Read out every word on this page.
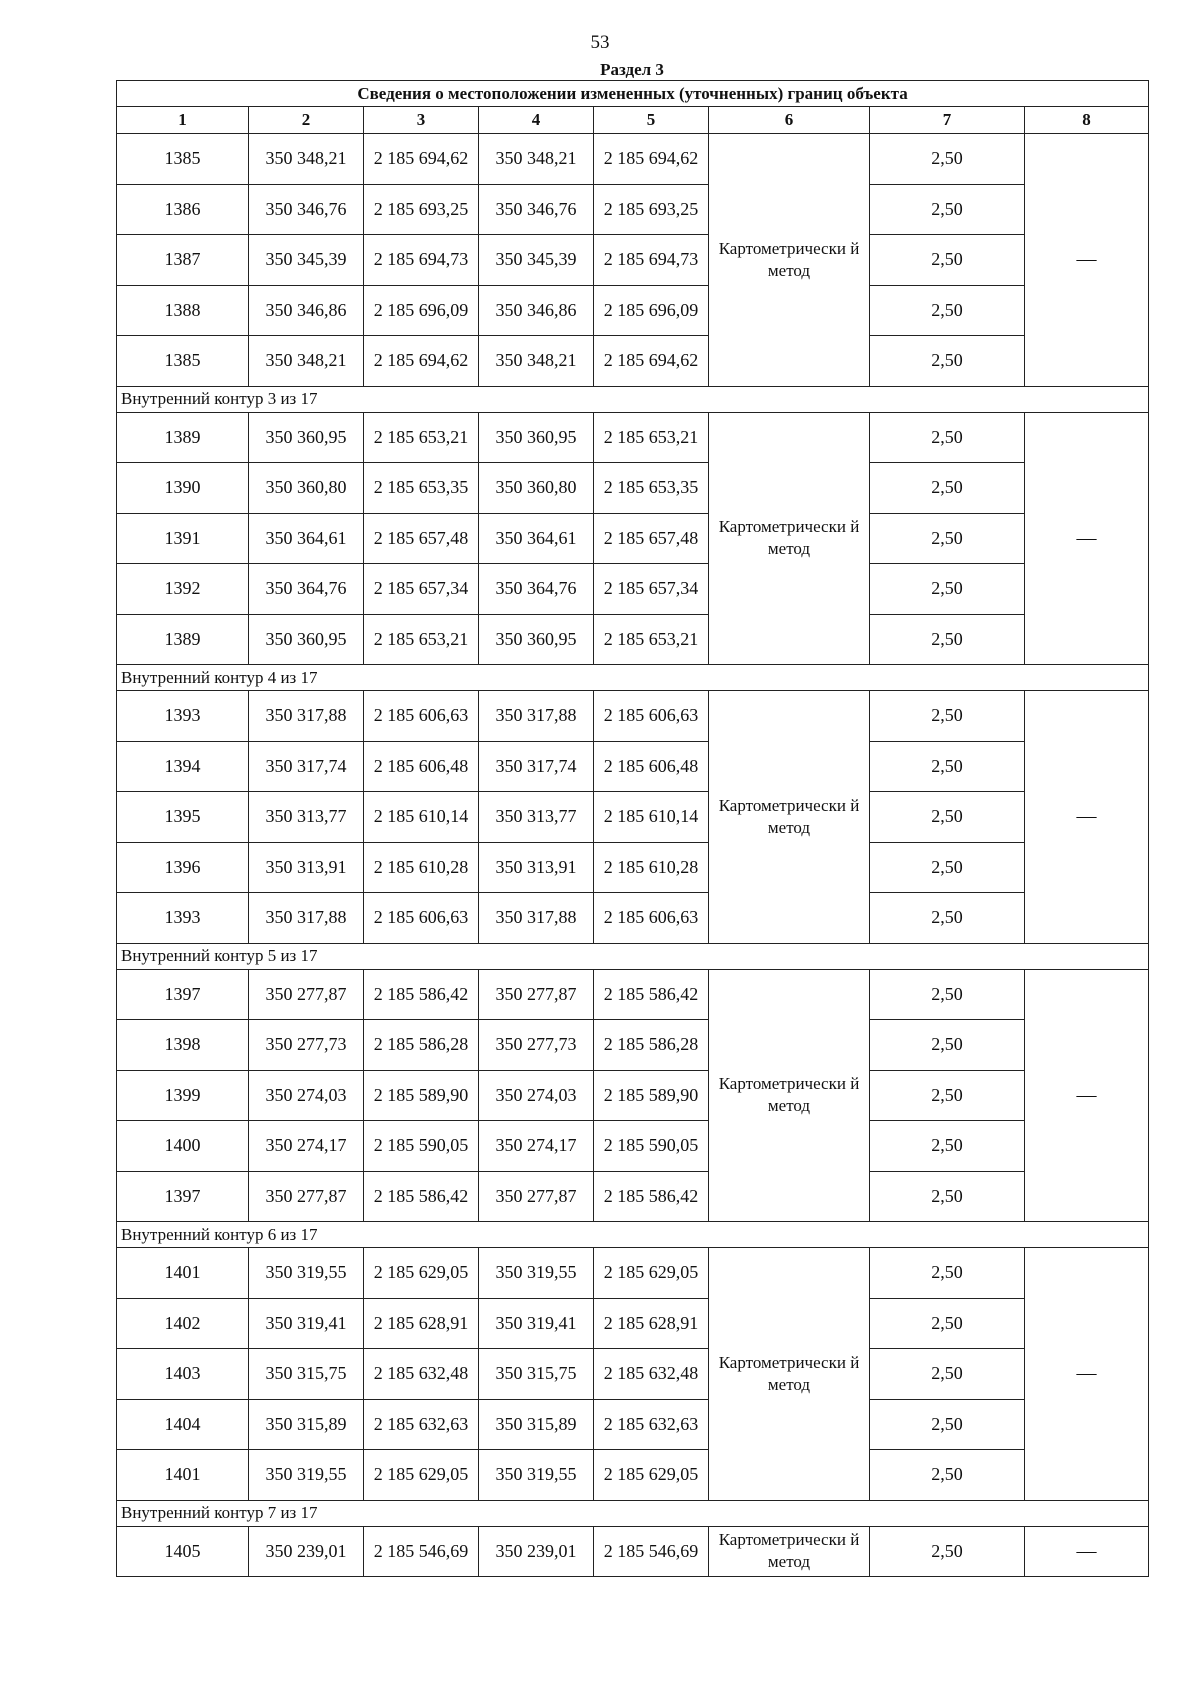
53
Раздел 3
Сведения о местоположении измененных (уточненных) границ объекта							
1	2	3	4	5	6	7	8
1385	350 348,21	2 185 694,62	350 348,21	2 185 694,62	Картометрически й метод	2,50	—
1386	350 346,76	2 185 693,25	350 346,76	2 185 693,25		2,50	
1387	350 345,39	2 185 694,73	350 345,39	2 185 694,73		2,50	
1388	350 346,86	2 185 696,09	350 346,86	2 185 696,09		2,50	
1385	350 348,21	2 185 694,62	350 348,21	2 185 694,62		2,50	
Внутренний контур 3 из 17							
1389	350 360,95	2 185 653,21	350 360,95	2 185 653,21	Картометрически й метод	2,50	—
1390	350 360,80	2 185 653,35	350 360,80	2 185 653,35		2,50	
1391	350 364,61	2 185 657,48	350 364,61	2 185 657,48		2,50	
1392	350 364,76	2 185 657,34	350 364,76	2 185 657,34		2,50	
1389	350 360,95	2 185 653,21	350 360,95	2 185 653,21		2,50	
Внутренний контур 4 из 17							
1393	350 317,88	2 185 606,63	350 317,88	2 185 606,63	Картометрически й метод	2,50	—
1394	350 317,74	2 185 606,48	350 317,74	2 185 606,48		2,50	
1395	350 313,77	2 185 610,14	350 313,77	2 185 610,14		2,50	
1396	350 313,91	2 185 610,28	350 313,91	2 185 610,28		2,50	
1393	350 317,88	2 185 606,63	350 317,88	2 185 606,63		2,50	
Внутренний контур 5 из 17							
1397	350 277,87	2 185 586,42	350 277,87	2 185 586,42	Картометрически й метод	2,50	—
1398	350 277,73	2 185 586,28	350 277,73	2 185 586,28		2,50	
1399	350 274,03	2 185 589,90	350 274,03	2 185 589,90		2,50	
1400	350 274,17	2 185 590,05	350 274,17	2 185 590,05		2,50	
1397	350 277,87	2 185 586,42	350 277,87	2 185 586,42		2,50	
Внутренний контур 6 из 17							
1401	350 319,55	2 185 629,05	350 319,55	2 185 629,05	Картометрически й метод	2,50	—
1402	350 319,41	2 185 628,91	350 319,41	2 185 628,91		2,50	
1403	350 315,75	2 185 632,48	350 315,75	2 185 632,48		2,50	
1404	350 315,89	2 185 632,63	350 315,89	2 185 632,63		2,50	
1401	350 319,55	2 185 629,05	350 319,55	2 185 629,05		2,50	
Внутренний контур 7 из 17							
1405	350 239,01	2 185 546,69	350 239,01	2 185 546,69	Картометрически й метод	2,50	—
